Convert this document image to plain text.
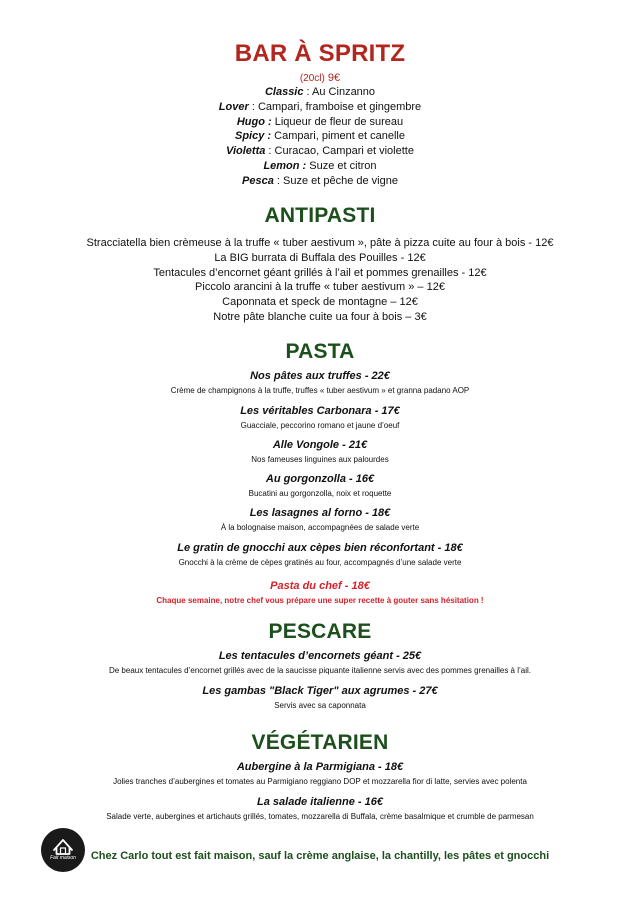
BAR À SPRITZ
(20cl) 9€
Classic : Au Cinzanno
Lover : Campari, framboise et gingembre
Hugo : Liqueur de fleur de sureau
Spicy : Campari, piment et canelle
Violetta : Curacao, Campari et violette
Lemon : Suze et citron
Pesca : Suze et pêche de vigne
ANTIPASTI
Stracciatella bien crèmeuse à la truffe « tuber aestivum », pâte à pizza cuite au four à bois - 12€
La BIG burrata di Buffala des Pouilles - 12€
Tentacules d’encornet géant grillés à l’ail et pommes grenailles - 12€
Piccolo arancini à la truffe « tuber aestivum » – 12€
Caponnata et speck de montagne – 12€
Notre pâte blanche cuite ua four à bois – 3€
PASTA
Nos pâtes aux truffes - 22€
Crème de champignons à la truffe, truffes « tuber aestivum » et granna padano AOP
Les véritables Carbonara - 17€
Guacciale, peccorino romano et jaune d’oeuf
Alle Vongole - 21€
Nos fameuses linguines aux palourdes
Au gorgonzolla - 16€
Bucatini au gorgonzolla, noix et roquette
Les lasagnes al forno - 18€
À la bolognaise maison, accompagnées de salade verte
Le gratin de gnocchi aux cèpes bien réconfortant - 18€
Gnocchi à la crème de cèpes gratinés au four, accompagnés d’une salade verte
Pasta du chef - 18€
Chaque semaine, notre chef vous prépare une super recette à gouter sans hésitation !
PESCARE
Les tentacules d’encornets géant - 25€
De beaux tentacules d’encornet grillés avec de la saucisse piquante italienne servis avec des pommes grenailles à l’ail.
Les gambas "Black Tiger" aux agrumes - 27€
Servis avec sa caponnata
VÉGÉTARIEN
Aubergine à la Parmigiana - 18€
Jolies tranches d’aubergines et tomates au Parmigiano reggiano DOP et mozzarella fior di latte, servies avec polenta
La salade italienne - 16€
Salade verte, aubergines et artichauts grillés, tomates, mozzarella di Buffala, crème basalmique et crumble de parmesan
Fait maison	Chez Carlo tout est fait maison, sauf la crème anglaise, la chantilly, les pâtes et gnocchi
